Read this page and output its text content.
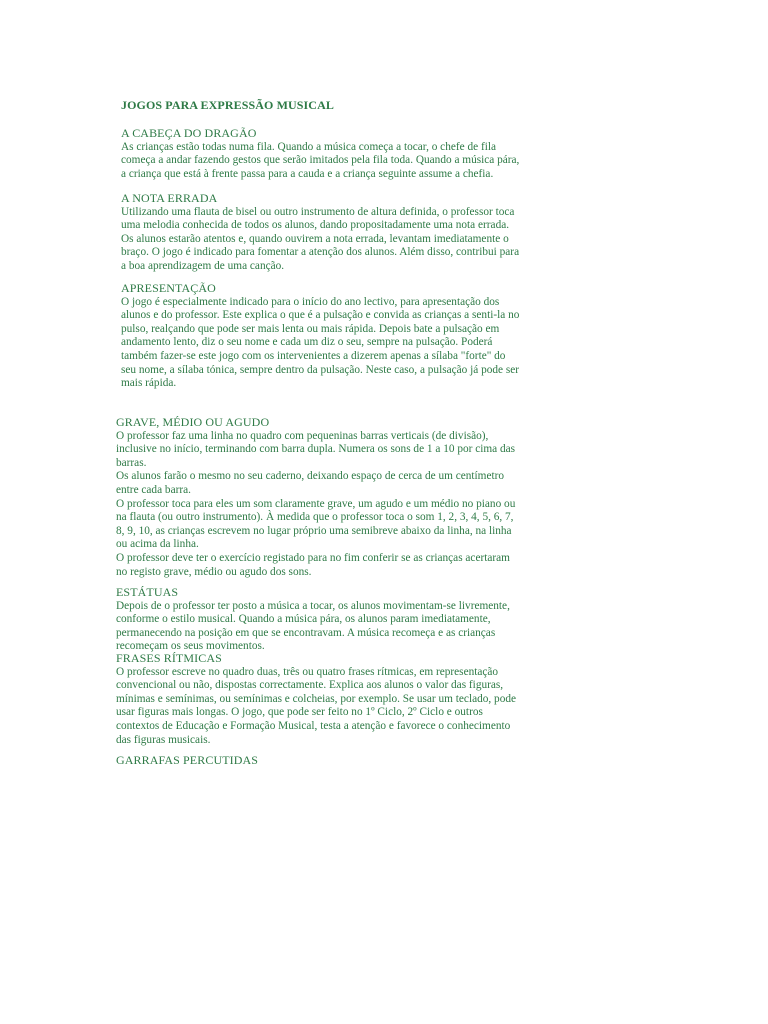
JOGOS PARA EXPRESSÃO MUSICAL
A CABEÇA DO DRAGÃO
As crianças estão todas numa fila. Quando a música começa a tocar, o chefe de fila
começa a andar fazendo gestos que serão imitados pela fila toda. Quando a música pára,
a criança que está à frente passa para a cauda e a criança seguinte assume a chefia.
A NOTA ERRADA
Utilizando uma flauta de bisel ou outro instrumento de altura definida, o professor toca
uma melodia conhecida de todos os alunos, dando propositadamente uma nota errada.
Os alunos estarão atentos e, quando ouvirem a nota errada, levantam imediatamente o
braço. O jogo é indicado para fomentar a atenção dos alunos. Além disso, contribui para
a boa aprendizagem de uma canção.
APRESENTAÇÃO
O jogo é especialmente indicado para o início do ano lectivo, para apresentação dos
alunos e do professor. Este explica o que é a pulsação e convida as crianças a senti-la no
pulso, realçando que pode ser mais lenta ou mais rápida. Depois bate a pulsação em
andamento lento, diz o seu nome e cada um diz o seu, sempre na pulsação. Poderá
também fazer-se este jogo com os intervenientes a dizerem apenas a sílaba "forte" do
seu nome, a sílaba tónica, sempre dentro da pulsação. Neste caso, a pulsação já pode ser
mais rápida.
GRAVE, MÉDIO OU AGUDO
O professor faz uma linha no quadro com pequeninas barras verticais (de divisão),
inclusive no início, terminando com barra dupla. Numera os sons de 1 a 10 por cima das
barras.
Os alunos farão o mesmo no seu caderno, deixando espaço de cerca de um centímetro
entre cada barra.
O professor toca para eles um som claramente grave, um agudo e um médio no piano ou
na flauta (ou outro instrumento). À medida que o professor toca o som 1, 2, 3, 4, 5, 6, 7,
8, 9, 10, as crianças escrevem no lugar próprio uma semibreve abaixo da linha, na linha
ou acima da linha.
O professor deve ter o exercício registado para no fim conferir se as crianças acertaram
no registo grave, médio ou agudo dos sons.
ESTÁTUAS
Depois de o professor ter posto a música a tocar, os alunos movimentam-se livremente,
conforme o estilo musical. Quando a música pára, os alunos param imediatamente,
permanecendo na posição em que se encontravam. A música recomeça e as crianças
recomeçam os seus movimentos.
FRASES RÍTMICAS
O professor escreve no quadro duas, três ou quatro frases rítmicas, em representação
convencional ou não, dispostas correctamente. Explica aos alunos o valor das figuras,
mínimas e semínimas, ou semínimas e colcheias, por exemplo. Se usar um teclado, pode
usar figuras mais longas. O jogo, que pode ser feito no 1º Ciclo, 2º Ciclo e outros
contextos de Educação e Formação Musical, testa a atenção e favorece o conhecimento
das figuras musicais.
GARRAFAS PERCUTIDAS
